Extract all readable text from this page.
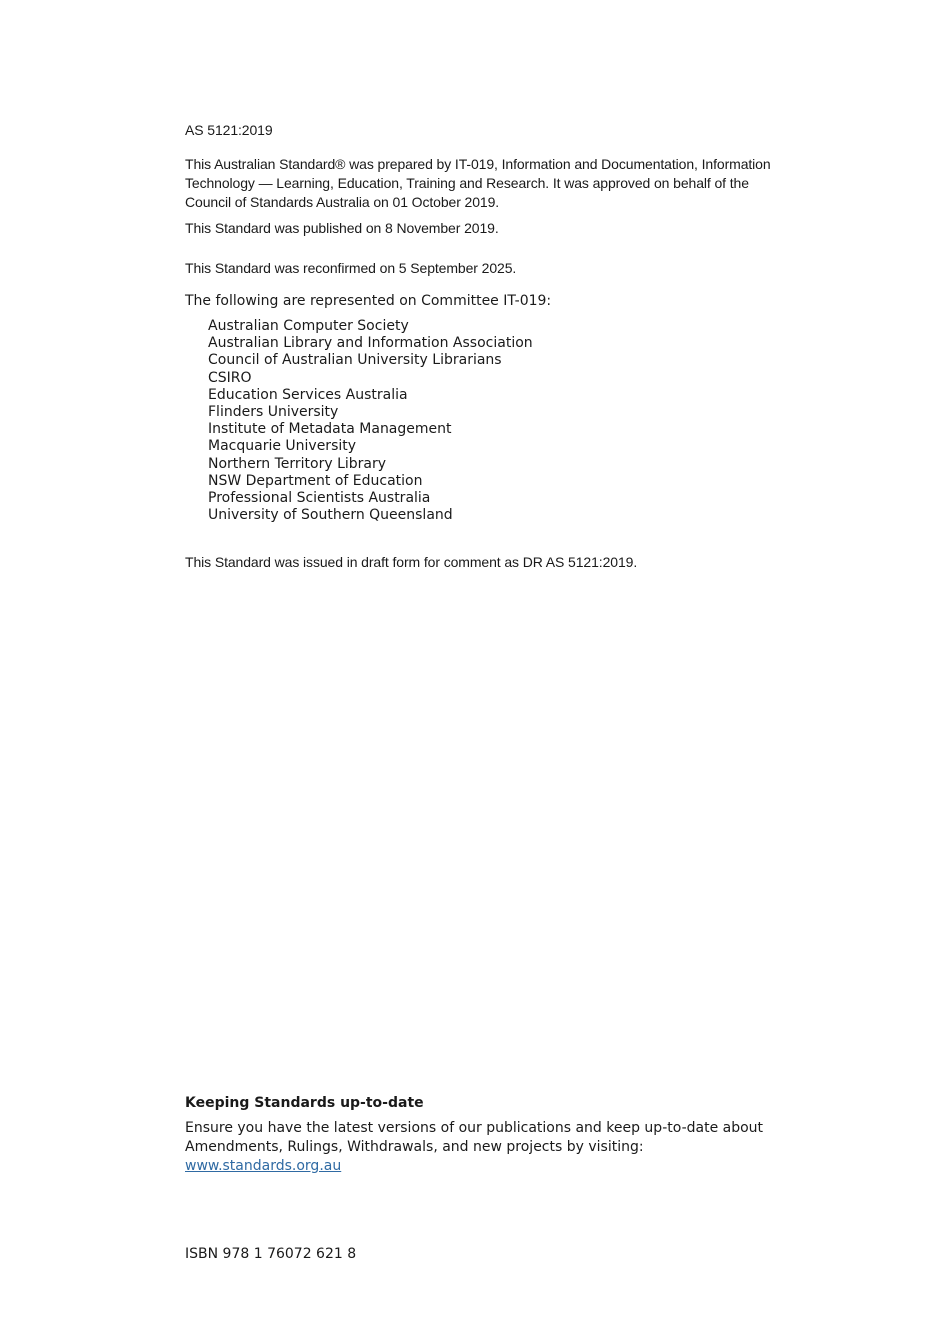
AS 5121:2019

This Australian Standard® was prepared by IT-019, Information and Documentation, Information Technology — Learning, Education, Training and Research. It was approved on behalf of the Council of Standards Australia on 01 October 2019.

This Standard was published on 8 November 2019.

This Standard was reconfirmed on 5 September 2025.

The following are represented on Committee IT-019:

Australian Computer Society
Australian Library and Information Association
Council of Australian University Librarians
CSIRO
Education Services Australia
Flinders University
Institute of Metadata Management
Macquarie University
Northern Territory Library
NSW Department of Education
Professional Scientists Australia
University of Southern Queensland

This Standard was issued in draft form for comment as DR AS 5121:2019.

Keeping Standards up-to-date

Ensure you have the latest versions of our publications and keep up-to-date about Amendments, Rulings, Withdrawals, and new projects by visiting:
www.standards.org.au

ISBN 978 1 76072 621 8
